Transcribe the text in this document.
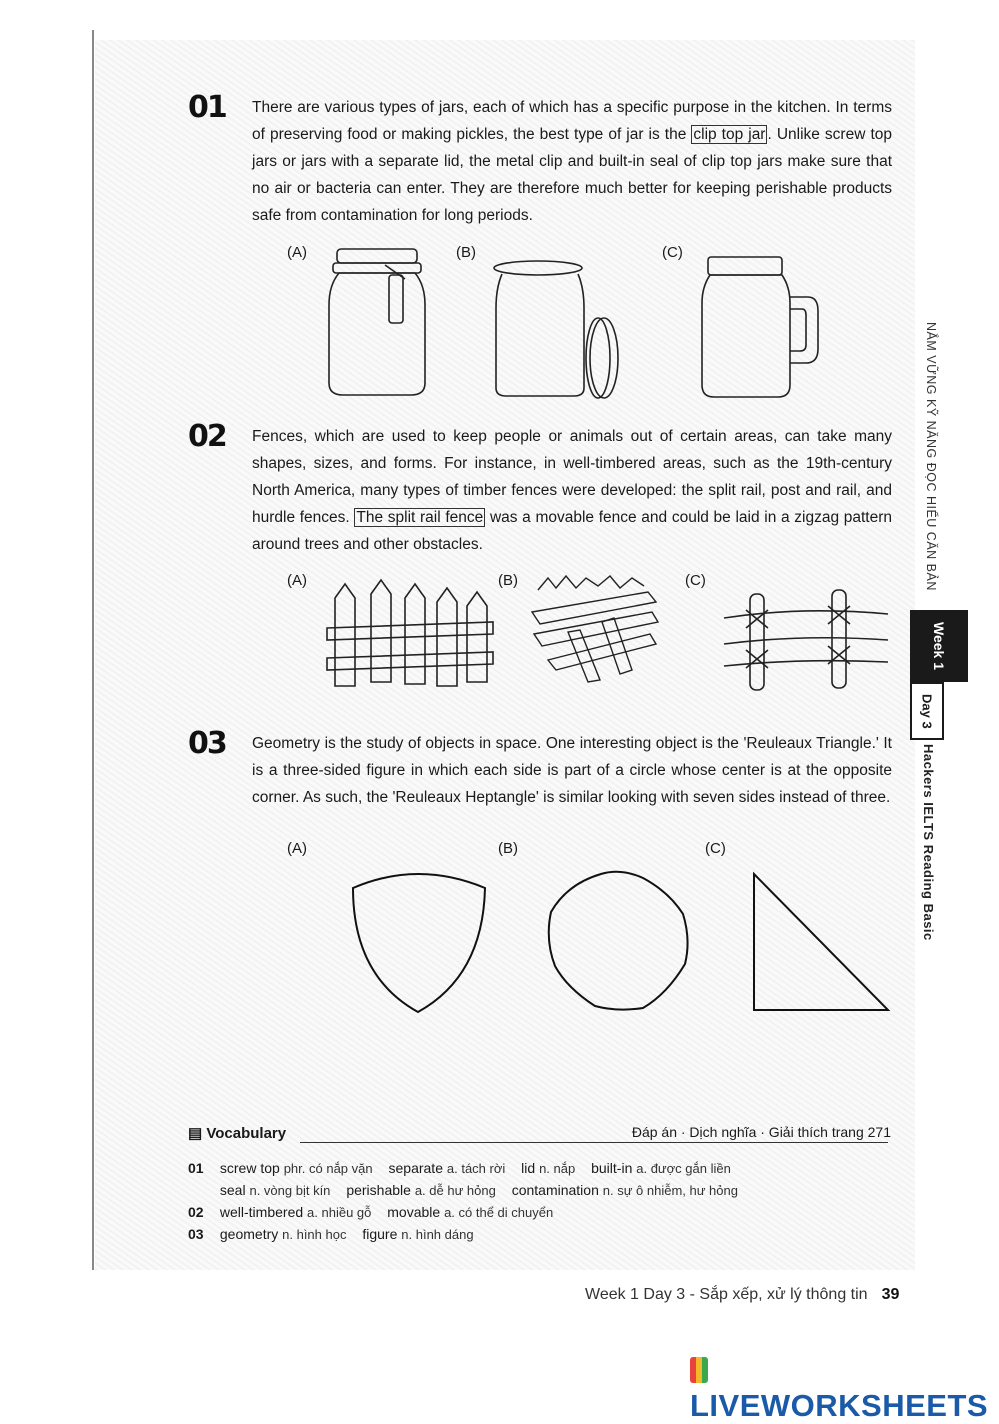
01 There are various types of jars, each of which has a specific purpose in the kitchen. In terms of preserving food or making pickles, the best type of jar is the clip top jar . Unlike screw top jars or jars with a separate lid, the metal clip and built-in seal of clip top jars make sure that no air or bacteria can enter. They are therefore much better for keeping perishable products safe from contamination for long periods.
(A)	(B)	(C)
02 Fences, which are used to keep people or animals out of certain areas, can take many shapes, sizes, and forms. For instance, in well-timbered areas, such as the 19th-century North America, many types of timber fences were developed: the split rail, post and rail, and hurdle fences. The split rail fence was a movable fence and could be laid in a zigzag pattern around trees and other obstacles.
(A)	(B)	(C)
03 Geometry is the study of objects in space. One interesting object is the 'Reuleaux Triangle.' It is a three-sided figure in which each side is part of a circle whose center is at the opposite corner. As such, the 'Reuleaux Heptangle' is similar looking with seven sides instead of three.
(A)	(B)	(C)
NẮM VỮNG KỸ NĂNG ĐỌC HIỂU CĂN BẢN
Week 1
Day 3
Hackers IELTS Reading Basic
▤ Vocabulary	Đáp án · Dịch nghĩa · Giải thích trang 271
01 screw top phr. có nắp vặn separate a. tách rời lid n. nắp built-in a. được gắn liền
seal n. vòng bịt kín perishable a. dễ hư hỏng contamination n. sự ô nhiễm, hư hỏng
02 well-timbered a. nhiều gỗ movable a. có thể di chuyển
03 geometry n. hình học figure n. hình dáng
Week 1 Day 3 - Sắp xếp, xử lý thông tin 39
LIVEWORKSHEETS
